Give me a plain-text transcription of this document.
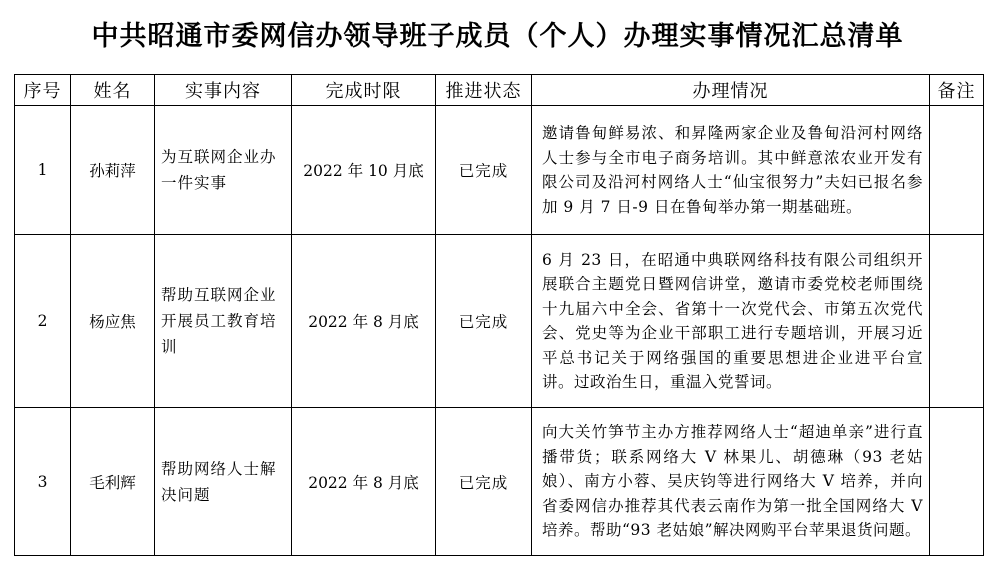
中共昭通市委网信办领导班子成员（个人）办理实事情况汇总清单
序号	姓名	实事内容	完成时限	推进状态	办理情况	备注
1	孙莉萍	为互联网企业办一件实事	2022 年 10 月底	已完成	邀请鲁甸鲜易浓、和昇隆两家企业及鲁甸沿河村网络人士参与全市电子商务培训。其中鲜意浓农业开发有限公司及沿河村网络人士“仙宝很努力”夫妇已报名参加 9 月 7 日-9 日在鲁甸举办第一期基础班。	
2	杨应焦	帮助互联网企业开展员工教育培训	2022 年 8 月底	已完成	6 月 23 日，在昭通中典联网络科技有限公司组织开展联合主题党日暨网信讲堂，邀请市委党校老师围绕十九届六中全会、省第十一次党代会、市第五次党代会、党史等为企业干部职工进行专题培训，开展习近平总书记关于网络强国的重要思想进企业进平台宣讲。过政治生日，重温入党誓词。	
3	毛利辉	帮助网络人士解决问题	2022 年 8 月底	已完成	向大关竹笋节主办方推荐网络人士“超迪单亲”进行直播带货；联系网络大 V 林果儿、胡德琳（93 老姑娘）、南方小蓉、吴庆钧等进行网络大 V 培养，并向省委网信办推荐其代表云南作为第一批全国网络大 V 培养。帮助“93 老姑娘”解决网购平台苹果退货问题。	
